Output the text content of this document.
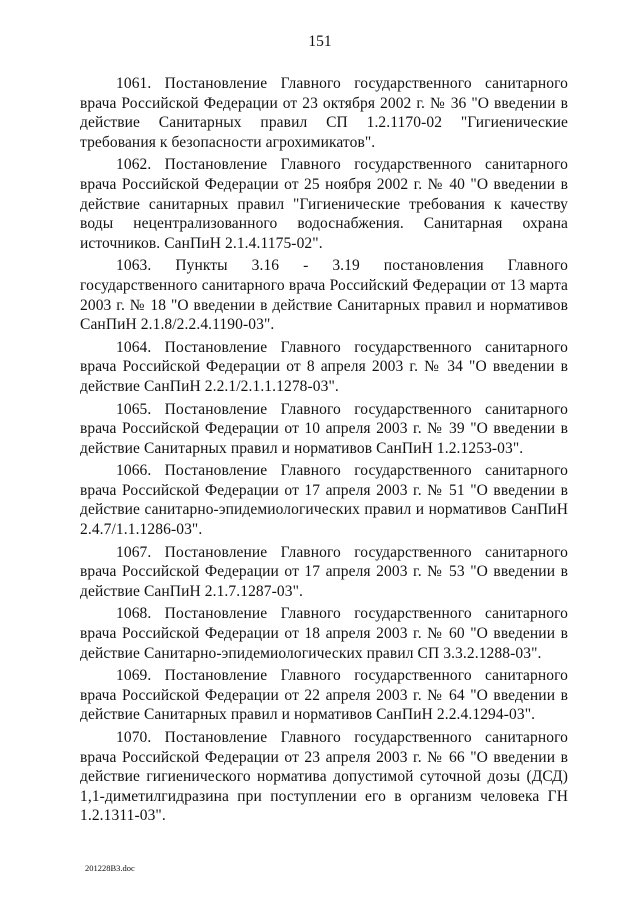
151

1061. Постановление Главного государственного санитарного врача Российской Федерации от 23 октября 2002 г. № 36 "О введении в действие Санитарных правил СП 1.2.1170-02 "Гигиенические требования к безопасности агрохимикатов".

1062. Постановление Главного государственного санитарного врача Российской Федерации от 25 ноября 2002 г. № 40 "О введении в действие санитарных правил "Гигиенические требования к качеству воды нецентрализованного водоснабжения. Санитарная охрана источников. СанПиН 2.1.4.1175-02".

1063. Пункты 3.16 - 3.19 постановления Главного государственного санитарного врача Российский Федерации от 13 марта 2003 г. № 18 "О введении в действие Санитарных правил и нормативов СанПиН 2.1.8/2.2.4.1190-03".

1064. Постановление Главного государственного санитарного врача Российской Федерации от 8 апреля 2003 г. № 34 "О введении в действие СанПиН 2.2.1/2.1.1.1278-03".

1065. Постановление Главного государственного санитарного врача Российской Федерации от 10 апреля 2003 г. № 39 "О введении в действие Санитарных правил и нормативов СанПиН 1.2.1253-03".

1066. Постановление Главного государственного санитарного врача Российской Федерации от 17 апреля 2003 г. № 51 "О введении в действие санитарно-эпидемиологических правил и нормативов СанПиН 2.4.7/1.1.1286-03".

1067. Постановление Главного государственного санитарного врача Российской Федерации от 17 апреля 2003 г. № 53 "О введении в действие СанПиН 2.1.7.1287-03".

1068. Постановление Главного государственного санитарного врача Российской Федерации от 18 апреля 2003 г. № 60 "О введении в действие Санитарно-эпидемиологических правил СП 3.3.2.1288-03".

1069. Постановление Главного государственного санитарного врача Российской Федерации от 22 апреля 2003 г. № 64 "О введении в действие Санитарных правил и нормативов СанПиН 2.2.4.1294-03".

1070. Постановление Главного государственного санитарного врача Российской Федерации от 23 апреля 2003 г. № 66 "О введении в действие гигиенического норматива допустимой суточной дозы (ДСД) 1,1-диметилгидразина при поступлении его в организм человека ГН 1.2.1311-03".

201228B3.doc
